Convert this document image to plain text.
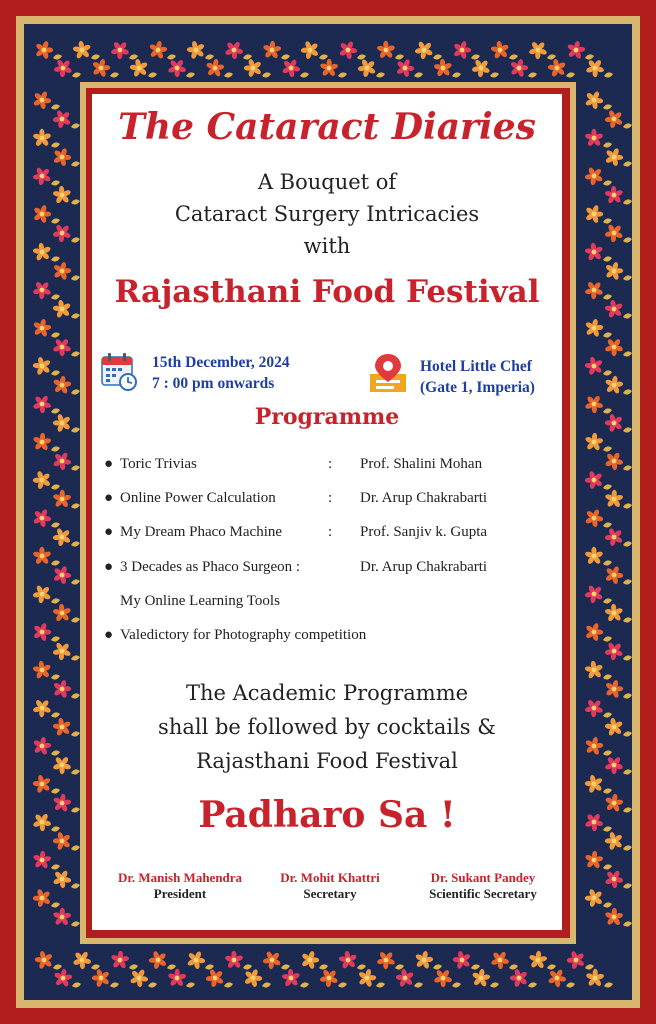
The Cataract Diaries
A Bouquet of
Cataract Surgery Intricacies
with
Rajasthani Food Festival
15th December, 2024
7 : 00 pm onwards
Hotel Little Chef
(Gate 1, Imperia)
Programme
● Toric Trivias	: Prof. Shalini Mohan
● Online Power Calculation	: Dr. Arup Chakrabarti
● My Dream Phaco Machine	: Prof. Sanjiv k. Gupta
● 3 Decades as Phaco Surgeon :	Dr. Arup Chakrabarti
My Online Learning Tools
● Valedictory for Photography competition
The Academic Programme
shall be followed by cocktails &
Rajasthani Food Festival
Padharo Sa !
Dr. Manish Mahendra
President
Dr. Mohit Khattri
Secretary
Dr. Sukant Pandey
Scientific Secretary
